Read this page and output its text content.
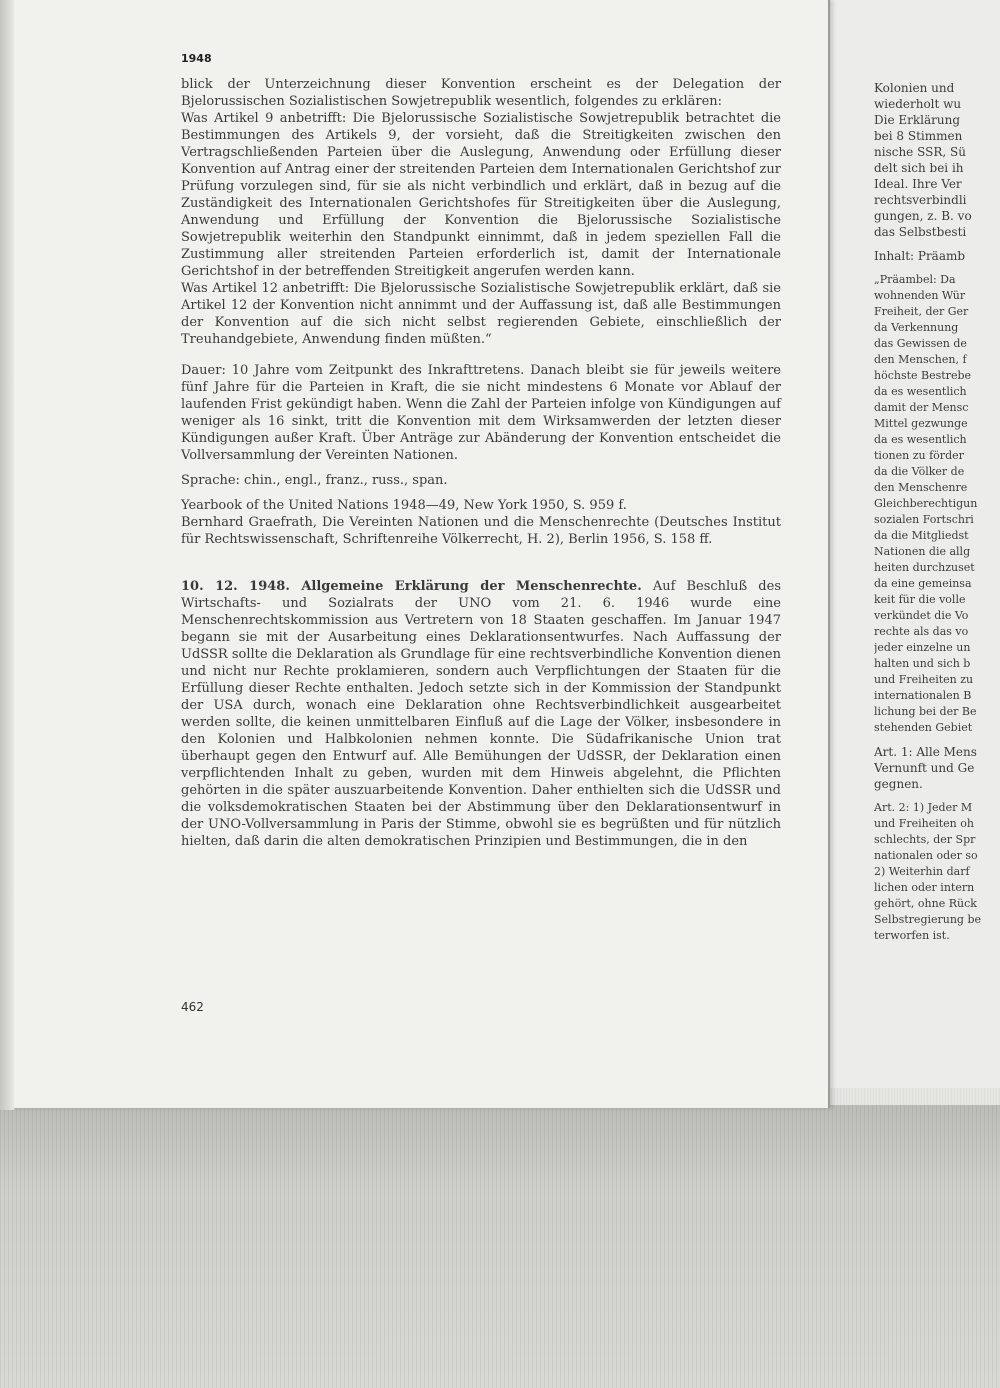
Kolonien und
wiederholt wu
Die Erklärung
bei 8 Stimmen
nische SSR, Sü
delt sich bei ih
Ideal. Ihre Ver
rechtsverbindli
gungen, z. B. vo
das Selbstbesti
Inhalt: Präamb
„Präambel: Da
wohnenden Wür
Freiheit, der Ger
da Verkennung
das Gewissen de
den Menschen, f
höchste Bestrebe
da es wesentlich
damit der Mensc
Mittel gezwunge
da es wesentlich
tionen zu förder
da die Völker de
den Menschenre
Gleichberechtigun
sozialen Fortschri
da die Mitgliedst
Nationen die allg
heiten durchzuset
da eine gemeinsa
keit für die volle
verkündet die Vo
rechte als das vo
jeder einzelne un
halten und sich b
und Freiheiten zu
internationalen B
lichung bei der Be
stehenden Gebiet
Art. 1: Alle Mens
Vernunft und Ge
gegnen.
Art. 2: 1) Jeder M
und Freiheiten oh
schlechts, der Spr
nationalen oder so
2) Weiterhin darf
lichen oder intern
gehört, ohne Rück
Selbstregierung be
terworfen ist.
1948

blick der Unterzeichnung dieser Konvention erscheint es der Delegation der Bjelorussischen Sozialistischen Sowjetrepublik wesentlich, folgendes zu erklären:

Was Artikel 9 anbetrifft: Die Bjelorussische Sozialistische Sowjetrepublik betrachtet die Bestimmungen des Artikels 9, der vorsieht, daß die Streitigkeiten zwischen den Vertragschließenden Parteien über die Auslegung, Anwendung oder Erfüllung dieser Konvention auf Antrag einer der streitenden Parteien dem Internationalen Gerichtshof zur Prüfung vorzulegen sind, für sie als nicht verbindlich und erklärt, daß in bezug auf die Zuständigkeit des Internationalen Gerichtshofes für Streitigkeiten über die Auslegung, Anwendung und Erfüllung der Konvention die Bjelorussische Sozialistische Sowjetrepublik weiterhin den Standpunkt einnimmt, daß in jedem speziellen Fall die Zustimmung aller streitenden Parteien erforderlich ist, damit der Internationale Gerichtshof in der betreffenden Streitigkeit angerufen werden kann.

Was Artikel 12 anbetrifft: Die Bjelorussische Sozialistische Sowjetrepublik erklärt, daß sie Artikel 12 der Konvention nicht annimmt und der Auffassung ist, daß alle Bestimmungen der Konvention auf die sich nicht selbst regierenden Gebiete, einschließlich der Treuhandgebiete, Anwendung finden müßten.“

Dauer: 10 Jahre vom Zeitpunkt des Inkrafttretens. Danach bleibt sie für jeweils weitere fünf Jahre für die Parteien in Kraft, die sie nicht mindestens 6 Monate vor Ablauf der laufenden Frist gekündigt haben. Wenn die Zahl der Parteien infolge von Kündigungen auf weniger als 16 sinkt, tritt die Konvention mit dem Wirksamwerden der letzten dieser Kündigungen außer Kraft. Über Anträge zur Abänderung der Konvention entscheidet die Vollversammlung der Vereinten Nationen.

Sprache: chin., engl., franz., russ., span.

Yearbook of the United Nations 1948—49, New York 1950, S. 959 f.

Bernhard Graefrath, Die Vereinten Nationen und die Menschenrechte (Deutsches Institut für Rechtswissenschaft, Schriftenreihe Völkerrecht, H. 2), Berlin 1956, S. 158 ff.

10. 12. 1948. Allgemeine Erklärung der Menschenrechte. Auf Beschluß des Wirtschafts- und Sozialrats der UNO vom 21. 6. 1946 wurde eine Menschenrechtskommission aus Vertretern von 18 Staaten geschaffen. Im Januar 1947 begann sie mit der Ausarbeitung eines Deklarationsentwurfes. Nach Auffassung der UdSSR sollte die Deklaration als Grundlage für eine rechtsverbindliche Konvention dienen und nicht nur Rechte proklamieren, sondern auch Verpflichtungen der Staaten für die Erfüllung dieser Rechte enthalten. Jedoch setzte sich in der Kommission der Standpunkt der USA durch, wonach eine Deklaration ohne Rechtsverbindlichkeit ausgearbeitet werden sollte, die keinen unmittelbaren Einfluß auf die Lage der Völker, insbesondere in den Kolonien und Halbkolonien nehmen konnte. Die Südafrikanische Union trat überhaupt gegen den Entwurf auf. Alle Bemühungen der UdSSR, der Deklaration einen verpflichtenden Inhalt zu geben, wurden mit dem Hinweis abgelehnt, die Pflichten gehörten in die später auszuarbeitende Konvention. Daher enthielten sich die UdSSR und die volksdemokratischen Staaten bei der Abstimmung über den Deklarationsentwurf in der UNO-Vollversammlung in Paris der Stimme, obwohl sie es begrüßten und für nützlich hielten, daß darin die alten demokratischen Prinzipien und Bestimmungen, die in den

462
